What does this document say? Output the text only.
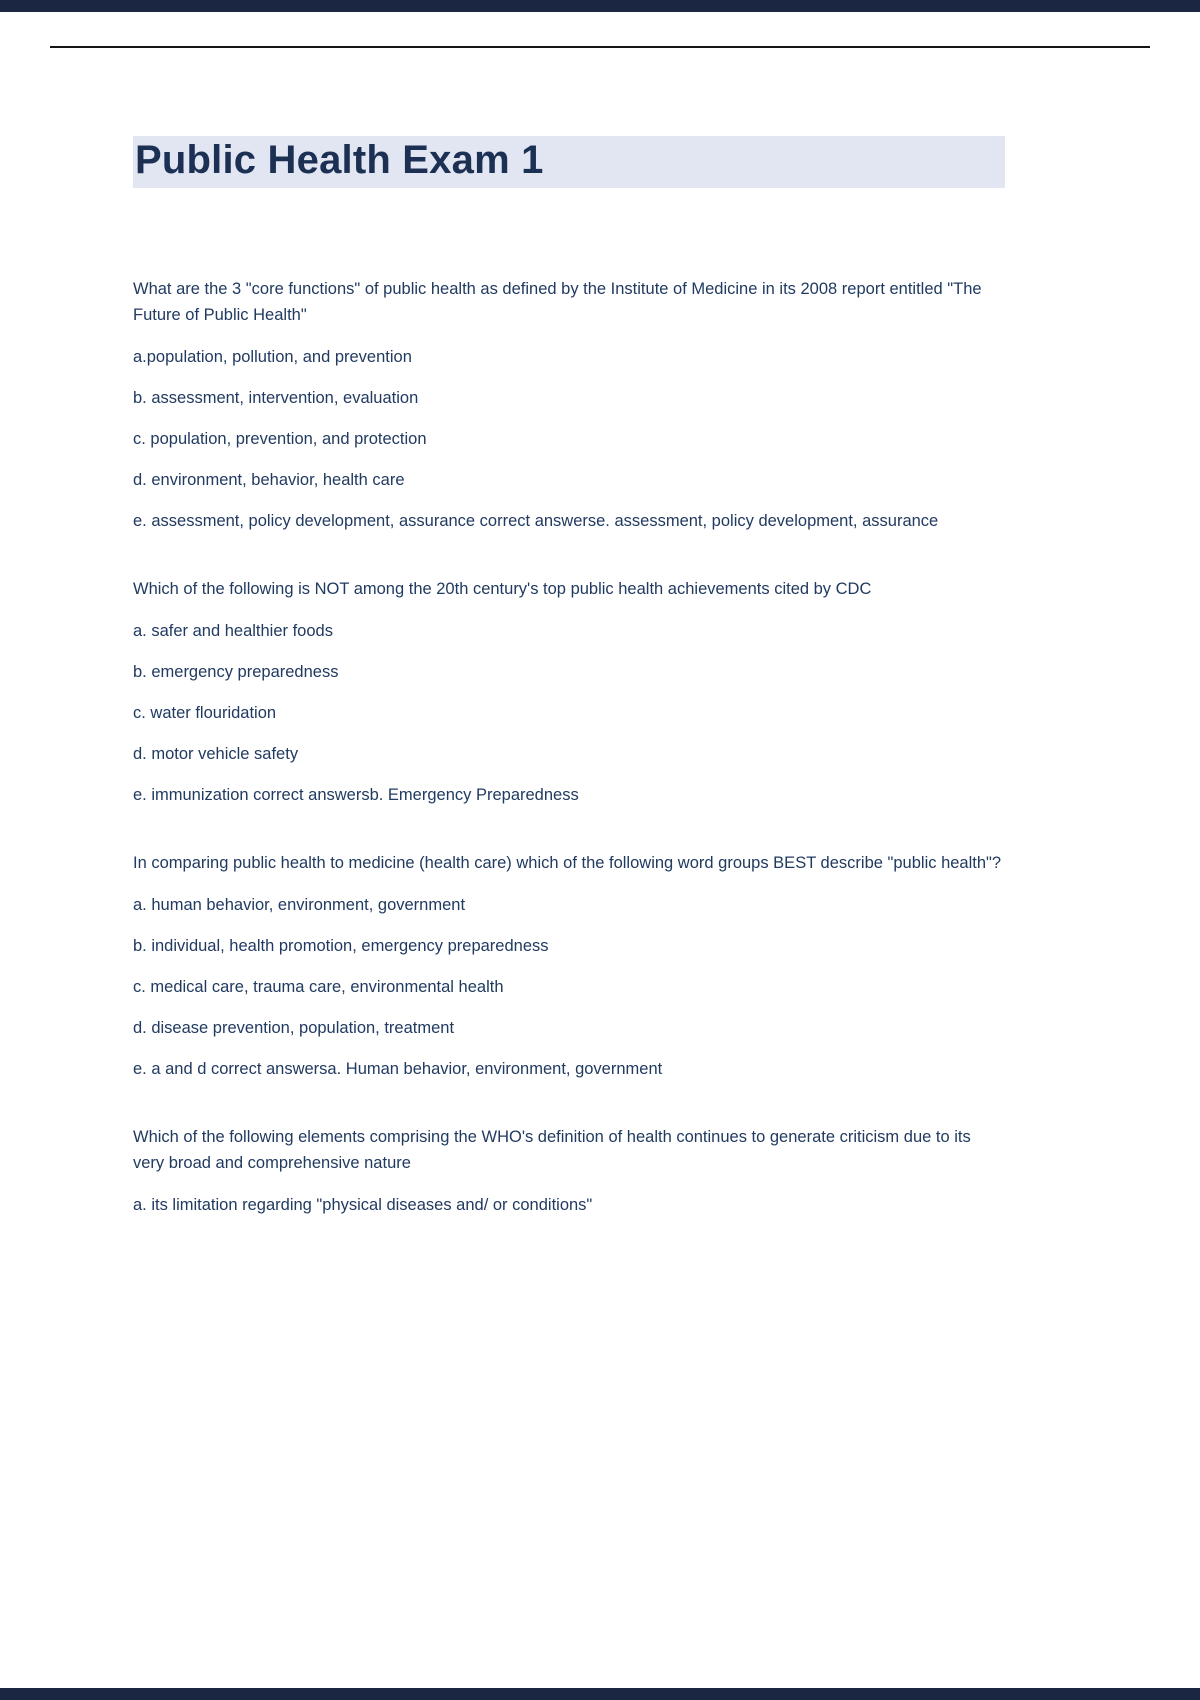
Public Health Exam 1

What are the 3 "core functions" of public health as defined by the Institute of Medicine in its 2008 report entitled "The Future of Public Health"

a.population, pollution, and prevention

b. assessment, intervention, evaluation

c. population, prevention, and protection

d. environment, behavior, health care

e. assessment, policy development, assurance correct answerse. assessment, policy development, assurance

Which of the following is NOT among the 20th century's top public health achievements cited by CDC

a. safer and healthier foods

b. emergency preparedness

c. water flouridation

d. motor vehicle safety

e. immunization correct answersb. Emergency Preparedness

In comparing public health to medicine (health care) which of the following word groups BEST describe "public health"?

a. human behavior, environment, government

b. individual, health promotion, emergency preparedness

c. medical care, trauma care, environmental health

d. disease prevention, population, treatment

e. a and d correct answersa. Human behavior, environment, government

Which of the following elements comprising the WHO's definition of health continues to generate criticism due to its very broad and comprehensive nature

a. its limitation regarding "physical diseases and/ or conditions"
